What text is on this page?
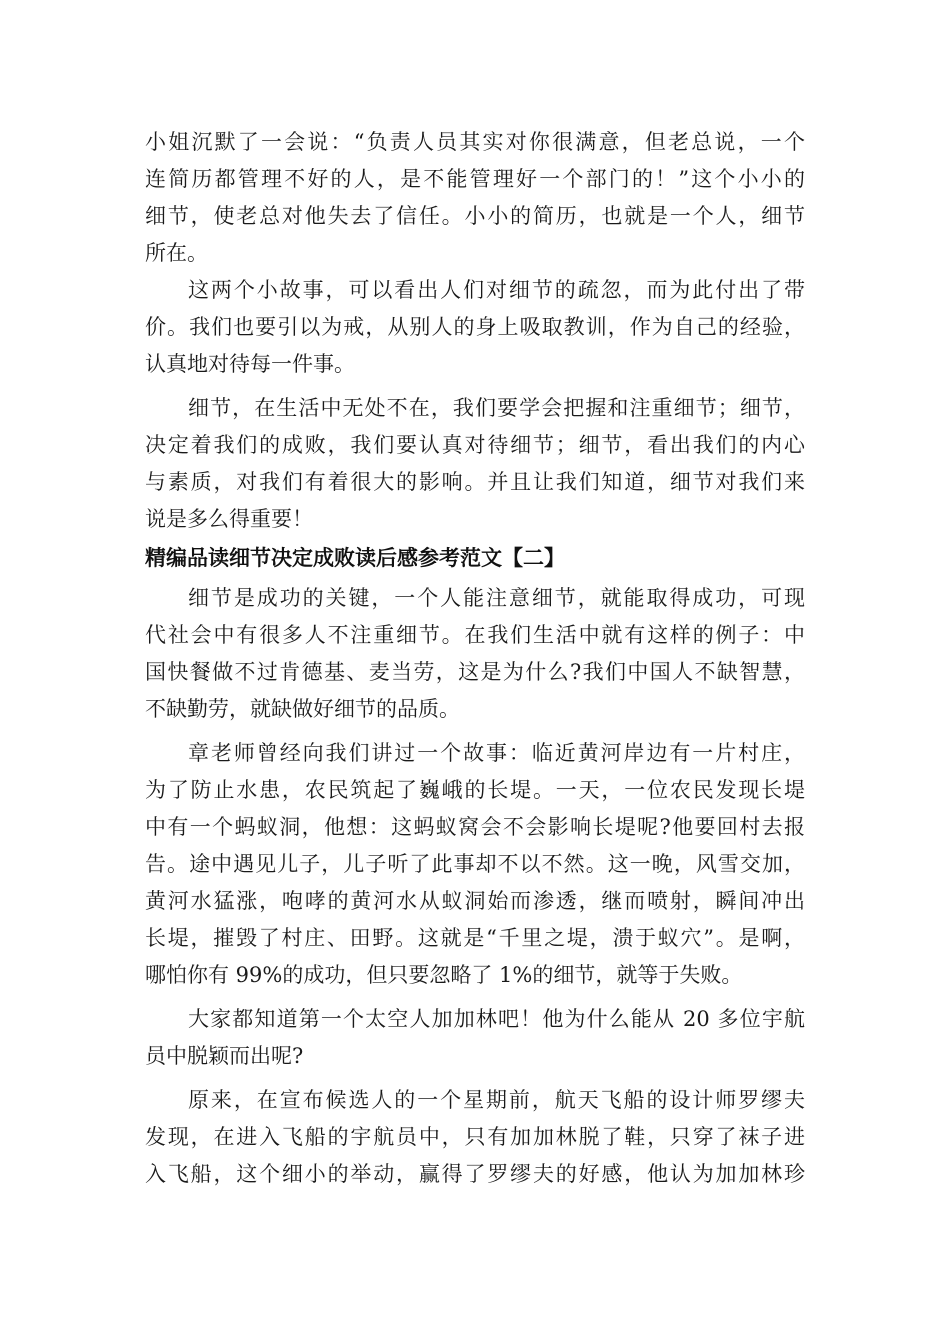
小姐沉默了一会说：“负责人员其实对你很满意，但老总说，一个
连简历都管理不好的人，是不能管理好一个部门的！”这个小小的
细节，使老总对他失去了信任。小小的简历，也就是一个人，细节
所在。
这两个小故事，可以看出人们对细节的疏忽，而为此付出了带
价。我们也要引以为戒，从别人的身上吸取教训，作为自己的经验，
认真地对待每一件事。
细节，在生活中无处不在，我们要学会把握和注重细节；细节，
决定着我们的成败，我们要认真对待细节；细节，看出我们的内心
与素质，对我们有着很大的影响。并且让我们知道，细节对我们来
说是多么得重要！
精编品读细节决定成败读后感参考范文【二】
细节是成功的关键，一个人能注意细节，就能取得成功，可现
代社会中有很多人不注重细节。在我们生活中就有这样的例子：中
国快餐做不过肯德基、麦当劳，这是为什么?我们中国人不缺智慧，
不缺勤劳，就缺做好细节的品质。
章老师曾经向我们讲过一个故事：临近黄河岸边有一片村庄，
为了防止水患，农民筑起了巍峨的长堤。一天，一位农民发现长堤
中有一个蚂蚁洞，他想：这蚂蚁窝会不会影响长堤呢?他要回村去报
告。途中遇见儿子，儿子听了此事却不以不然。这一晚，风雪交加，
黄河水猛涨，咆哮的黄河水从蚁洞始而渗透，继而喷射，瞬间冲出
长堤，摧毁了村庄、田野。这就是“千里之堤，溃于蚁穴”。是啊，
哪怕你有 99%的成功，但只要忽略了 1%的细节，就等于失败。
大家都知道第一个太空人加加林吧！他为什么能从 20 多位宇航
员中脱颖而出呢?
原来，在宣布候选人的一个星期前，航天飞船的设计师罗缪夫
发现，在进入飞船的宇航员中，只有加加林脱了鞋，只穿了袜子进
入飞船，这个细小的举动，赢得了罗缪夫的好感，他认为加加林珍
